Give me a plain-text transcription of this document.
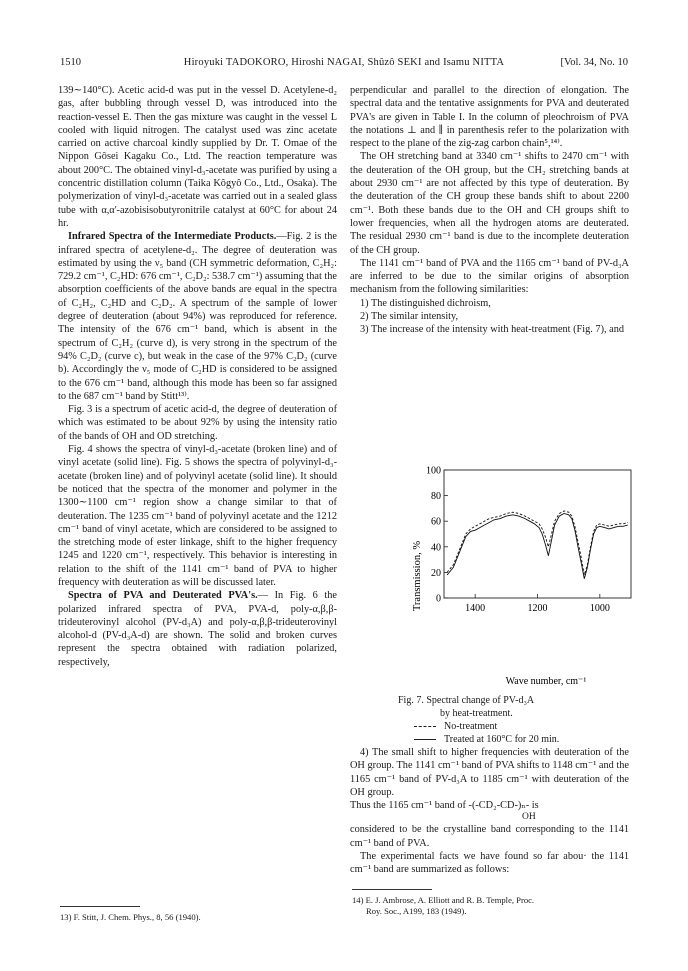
1510	Hiroyuki TADOKORO, Hiroshi NAGAI, Shûzô SEKI and Isamu NITTA	[Vol. 34, No. 10

139∼140°C). Acetic acid-d was put in the vessel D. Acetylene-d₂ gas, after bubbling through vessel D, was introduced into the reaction-vessel E. Then the gas mixture was caught in the vessel L cooled with liquid nitrogen. The catalyst used was zinc acetate carried on active charcoal kindly supplied by Dr. T. Omae of the Nippon Gôsei Kagaku Co., Ltd. The reaction temperature was about 200°C. The obtained vinyl-d₃-acetate was purified by using a concentric distillation column (Taika Kôgyô Co., Ltd., Osaka). The polymerization of vinyl-d₃-acetate was carried out in a sealed glass tube with α,α'-azobisisobutyronitrile catalyst at 60°C for about 24 hr.

Infrared Spectra of the Intermediate Products.—Fig. 2 is the infrared spectra of acetylene-d₂. The degree of deuteration was estimated by using the ν₅ band (CH symmetric deformation, C₂H₂: 729.2 cm⁻¹, C₂HD: 676 cm⁻¹, C₂D₂: 538.7 cm⁻¹) assuming that the absorption coefficients of the above bands are equal in the spectra of C₂H₂, C₂HD and C₂D₂. A spectrum of the sample of lower degree of deuteration (about 94%) was reproduced for reference. The intensity of the 676 cm⁻¹ band, which is absent in the spectrum of C₂H₂ (curve d), is very strong in the spectrum of the 94% C₂D₂ (curve c), but weak in the case of the 97% C₂D₂ (curve b). Accordingly the ν₅ mode of C₂HD is considered to be assigned to the 676 cm⁻¹ band, although this mode has been so far assigned to the 687 cm⁻¹ band by Stitt¹³⁾.

Fig. 3 is a spectrum of acetic acid-d, the degree of deuteration of which was estimated to be about 92% by using the intensity ratio of the bands of OH and OD stretching.

Fig. 4 shows the spectra of vinyl-d₃-acetate (broken line) and of vinyl acetate (solid line). Fig. 5 shows the spectra of polyvinyl-d₃-acetate (broken line) and of polyvinyl acetate (solid line). It should be noticed that the spectra of the monomer and polymer in the 1300∼1100 cm⁻¹ region show a change similar to that of deuteration. The 1235 cm⁻¹ band of polyvinyl acetate and the 1212 cm⁻¹ band of vinyl acetate, which are considered to be assigned to the stretching mode of ester linkage, shift to the higher frequency 1245 and 1220 cm⁻¹, respectively. This behavior is interesting in relation to the shift of the 1141 cm⁻¹ band of PVA to higher frequency with deuteration as will be discussed later.

Spectra of PVA and Deuterated PVA's.— In Fig. 6 the polarized infrared spectra of PVA, PVA-d, poly-α,β,β-trideuterovinyl alcohol (PV-d₃A) and poly-α,β,β-trideuterovinyl alcohol-d (PV-d₃A-d) are shown. The solid and broken curves represent the spectra obtained with radiation polarized, respectively,

perpendicular and parallel to the direction of elongation. The spectral data and the tentative assignments for PVA and deuterated PVA's are given in Table I. In the column of pleochroism of PVA the notations ⊥ and ∥ in parenthesis refer to the polarization with respect to the plane of the zig-zag carbon chain⁵,¹⁴⁾.

The OH stretching band at 3340 cm⁻¹ shifts to 2470 cm⁻¹ with the deuteration of the OH group, but the CH₂ stretching bands at about 2930 cm⁻¹ are not affected by this type of deuteration. By the deuteration of the CH group these bands shift to about 2200 cm⁻¹. Both these bands due to the OH and CH groups shift to lower frequencies, when all the hydrogen atoms are deuterated. The residual 2930 cm⁻¹ band is due to the incomplete deuteration of the CH group.

The 1141 cm⁻¹ band of PVA and the 1165 cm⁻¹ band of PV-d₃A are inferred to be due to the similar origins of absorption mechanism from the following similarities:

1) The distinguished dichroism,
2) The similar intensity,
3) The increase of the intensity with heat-treatment (Fig. 7), and

4) The small shift to higher frequencies with deuteration of the OH group. The 1141 cm⁻¹ band of PVA shifts to 1148 cm⁻¹ and the 1165 cm⁻¹ band of PV-d₃A to 1185 cm⁻¹ with deuteration of the OH group.

Thus the 1165 cm⁻¹ band of -(-CD₂-CD-)ₙ- is

OH

considered to be the crystalline band corresponding to the 1141 cm⁻¹ band of PVA.

The experimental facts we have found so far abou· the 1141 cm⁻¹ band are summarized as follows:

0
20
40
60
80
100
1400	1200	1000
Transmission, %
Wave number, cm⁻¹
Fig. 7. Spectral change of PV-d₃A
by heat-treatment.
No-treatment
Treated at 160°C for 20 min.
13) F. Stitt, J. Chem. Phys., 8, 56 (1940).
14) E. J. Ambrose, A. Elliott and R. B. Temple, Proc.
Roy. Soc., A199, 183 (1949).
